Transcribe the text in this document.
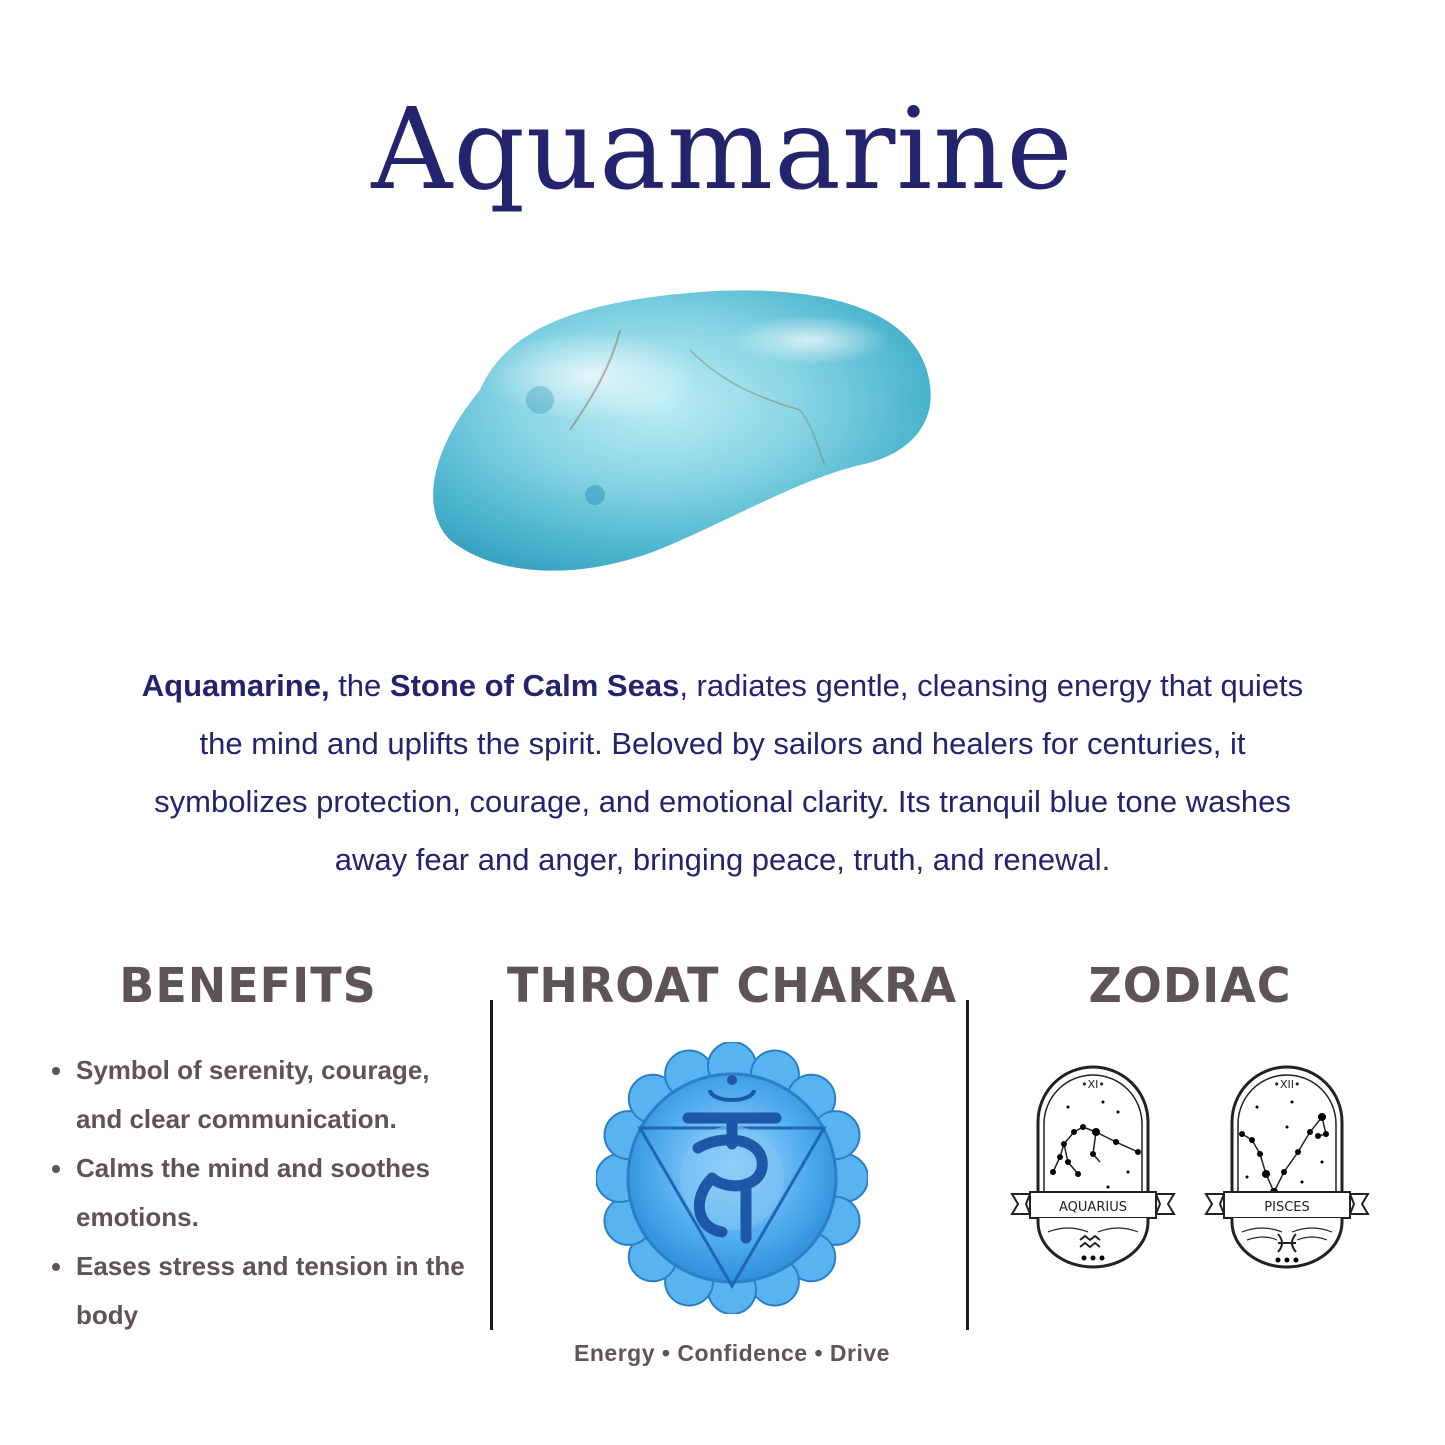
Aquamarine
Aquamarine, the Stone of Calm Seas, radiates gentle, cleansing energy that quiets the mind and uplifts the spirit. Beloved by sailors and healers for centuries, it symbolizes protection, courage, and emotional clarity. Its tranquil blue tone washes away fear and anger, bringing peace, truth, and renewal.
BENEFITS	THROAT CHAKRA	ZODIAC
Symbol of serenity, courage, and clear communication.
Calms the mind and soothes emotions.
Eases stress and tension in the body
Energy • Confidence • Drive
•XI•
AQUARIUS
•XII•
PISCES
